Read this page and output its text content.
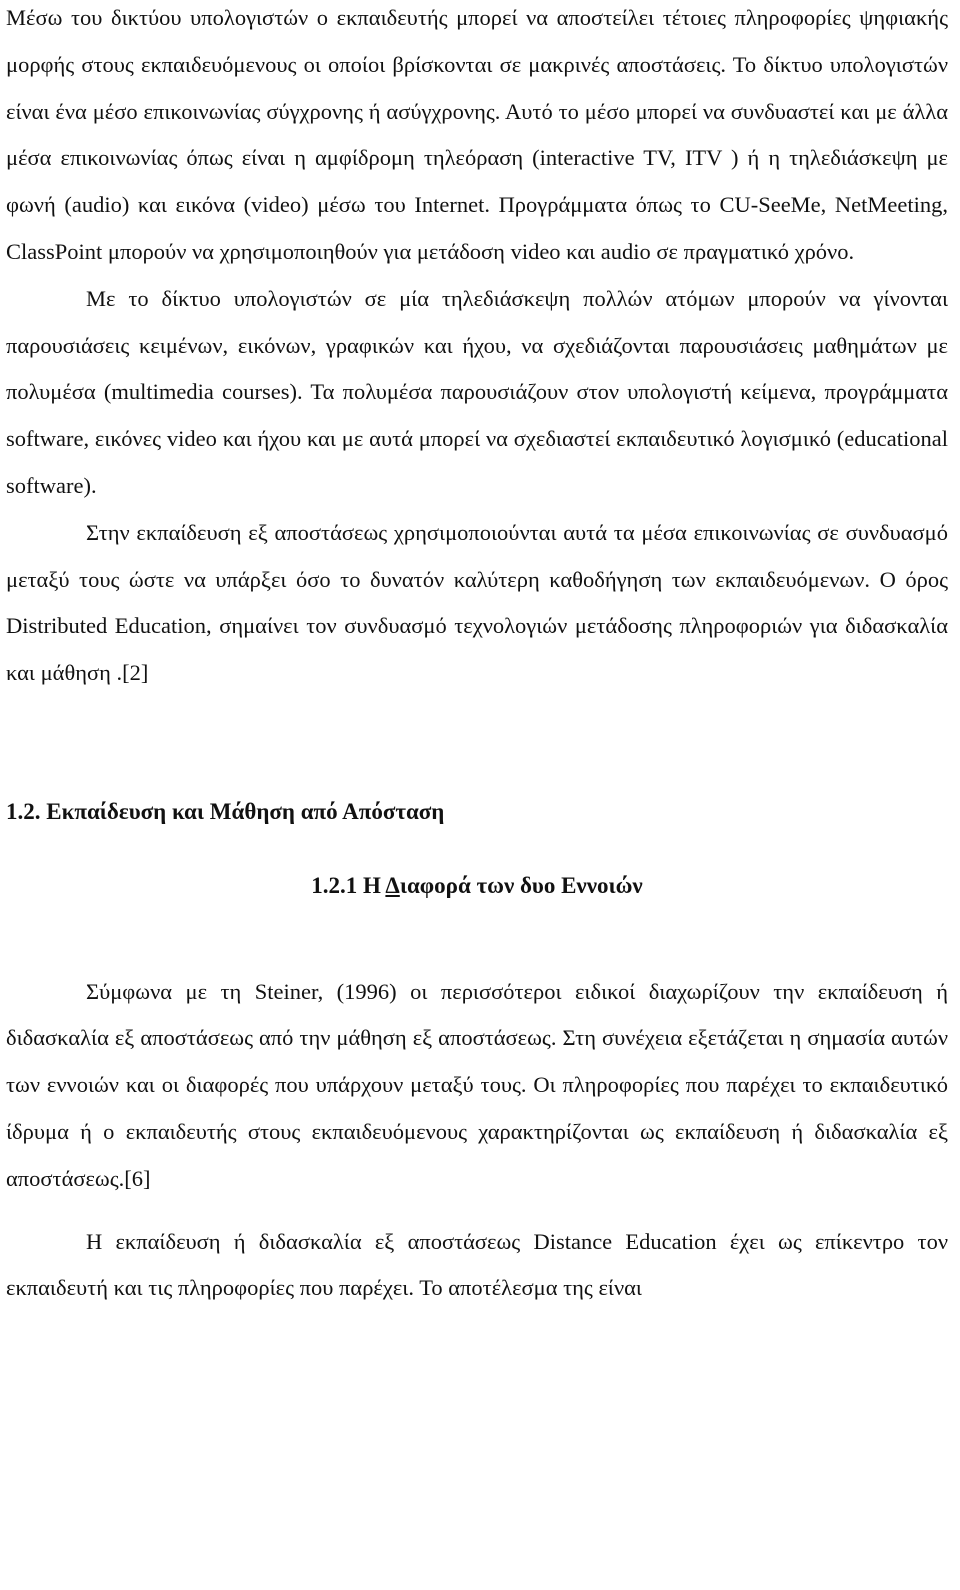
Μέσω του δικτύου υπολογιστών ο εκπαιδευτής μπορεί να αποστείλει τέτοιες πληροφορίες ψηφιακής μορφής στους εκπαιδευόμενους οι οποίοι βρίσκονται σε μακρινές αποστάσεις. Το δίκτυο υπολογιστών είναι ένα μέσο επικοινωνίας σύγχρονης ή ασύγχρονης. Αυτό το μέσο μπορεί να συνδυαστεί και με άλλα μέσα επικοινωνίας όπως είναι η αμφίδρομη τηλεόραση (interactive TV, ITV ) ή η τηλεδιάσκεψη με φωνή (audio) και εικόνα (video) μέσω του Internet. Προγράμματα όπως το CU-SeeMe, NetMeeting, ClassPoint μπορούν να χρησιμοποιηθούν για μετάδοση video και audio σε πραγματικό χρόνο.

Με το δίκτυο υπολογιστών σε μία τηλεδιάσκεψη πολλών ατόμων μπορούν να γίνονται παρουσιάσεις κειμένων, εικόνων, γραφικών και ήχου, να σχεδιάζονται παρουσιάσεις μαθημάτων με πολυμέσα (multimedia courses). Τα πολυμέσα παρουσιάζουν στον υπολογιστή κείμενα, προγράμματα software, εικόνες video και ήχου και με αυτά μπορεί να σχεδιαστεί εκπαιδευτικό λογισμικό (educational software).

Στην εκπαίδευση εξ αποστάσεως χρησιμοποιούνται αυτά τα μέσα επικοινωνίας σε συνδυασμό μεταξύ τους ώστε να υπάρξει όσο το δυνατόν καλύτερη καθοδήγηση των εκπαιδευόμενων. Ο όρος Distributed Education, σημαίνει τον συνδυασμό τεχνολογιών μετάδοσης πληροφοριών για διδασκαλία και μάθηση .[2]

1.2. Εκπαίδευση και Μάθηση από Απόσταση
1.2.1 Η Διαφορά των δυο Εννοιών

Σύμφωνα με τη Steiner, (1996) οι περισσότεροι ειδικοί διαχωρίζουν την εκπαίδευση ή διδασκαλία εξ αποστάσεως από την μάθηση εξ αποστάσεως. Στη συνέχεια εξετάζεται η σημασία αυτών των εννοιών και οι διαφορές που υπάρχουν μεταξύ τους. Οι πληροφορίες που παρέχει το εκπαιδευτικό ίδρυμα ή ο εκπαιδευτής στους εκπαιδευόμενους χαρακτηρίζονται ως εκπαίδευση ή διδασκαλία εξ αποστάσεως.[6]

Η εκπαίδευση ή διδασκαλία εξ αποστάσεως Distance Education έχει ως επίκεντρο τον εκπαιδευτή και τις πληροφορίες που παρέχει. Το αποτέλεσμα της είναι
